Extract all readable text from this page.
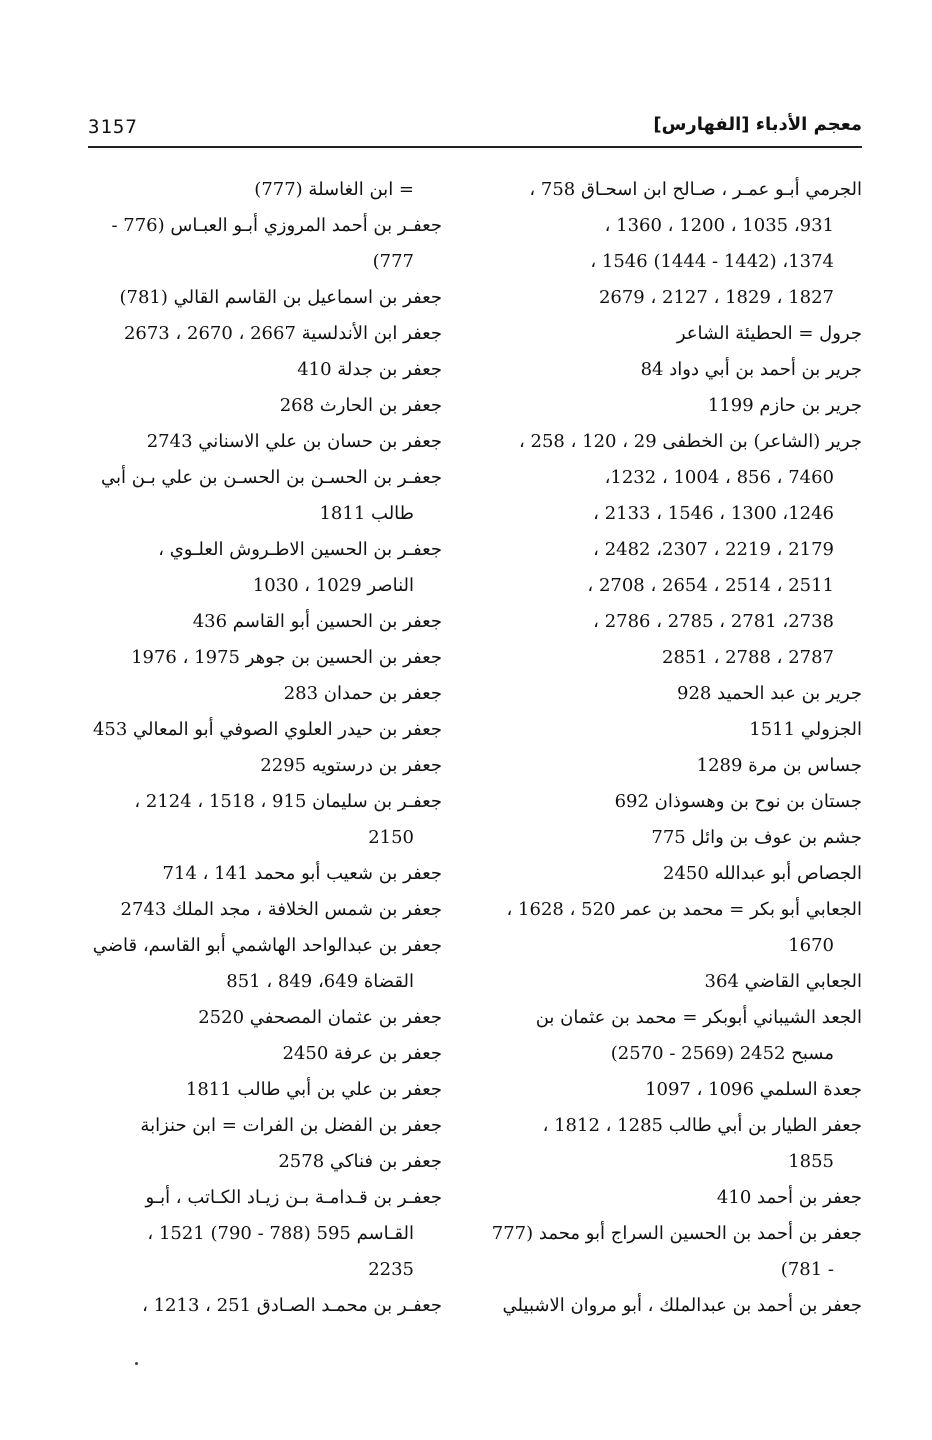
3157	معجم الأدباء [الفهارس]
الجرمي أبـو عمـر ، صـالح ابن اسحـاق 758 ،
931، 1035 ، 1200 ، 1360 ،
1374، (1442 - 1444) 1546 ،
1827 ، 1829 ، 2127 ، 2679
جرول = الحطيئة الشاعر
جرير بن أحمد بن أبي دواد 84
جرير بن حازم 1199
جرير (الشاعر) بن الخطفى 29 ، 120 ، 258 ،
7460 ، 856 ، 1004 ، 1232،
1246، 1300 ، 1546 ، 2133 ،
2179 ، 2219 ، 2307، 2482 ،
2511 ، 2514 ، 2654 ، 2708 ،
2738، 2781 ، 2785 ، 2786 ،
2787 ، 2788 ، 2851
جرير بن عبد الحميد 928
الجزولي 1511
جساس بن مرة 1289
جستان بن نوح بن وهسوذان 692
جشم بن عوف بن وائل 775
الجصاص أبو عبدالله 2450
الجعابي أبو بكر = محمد بن عمر 520 ، 1628 ،
1670
الجعابي القاضي 364
الجعد الشيباني أبوبكر = محمد بن عثمان بن
مسبح 2452 (2569 - 2570)
جعدة السلمي 1096 ، 1097
جعفر الطيار بن أبي طالب 1285 ، 1812 ،
1855
جعفر بن أحمد 410
جعفر بن أحمد بن الحسين السراج أبو محمد (777
- 781)
جعفر بن أحمد بن عبدالملك ، أبو مروان الاشبيلي
= ابن الغاسلة (777)
جعفـر بن أحمد المروزي أبـو العبـاس (776 -
777)
جعفر بن اسماعيل بن القاسم القالي (781)
جعفر ابن الأندلسية 2667 ، 2670 ، 2673
جعفر بن جدلة 410
جعفر بن الحارث 268
جعفر بن حسان بن علي الاسناني 2743
جعفـر بن الحسـن بن الحسـن بن علي بـن أبي
طالب 1811
جعفـر بن الحسين الاطـروش العلـوي ،
الناصر 1029 ، 1030
جعفر بن الحسين أبو القاسم 436
جعفر بن الحسين بن جوهر 1975 ، 1976
جعفر بن حمدان 283
جعفر بن حيدر العلوي الصوفي أبو المعالي 453
جعفر بن درستويه 2295
جعفـر بن سليمان 915 ، 1518 ، 2124 ،
2150
جعفر بن شعيب أبو محمد 141 ، 714
جعفر بن شمس الخلافة ، مجد الملك 2743
جعفر بن عبدالواحد الهاشمي أبو القاسم، قاضي
القضاة 649، 849 ، 851
جعفر بن عثمان المصحفي 2520
جعفر بن عرفة 2450
جعفر بن علي بن أبي طالب 1811
جعفر بن الفضل بن الفرات = ابن حنزابة
جعفر بن فناكي 2578
جعفـر بن قـدامـة بـن زيـاد الكـاتب ، أبـو
القـاسم 595 (788 - 790) 1521 ،
2235
جعفـر بن محمـد الصـادق 251 ، 1213 ،
